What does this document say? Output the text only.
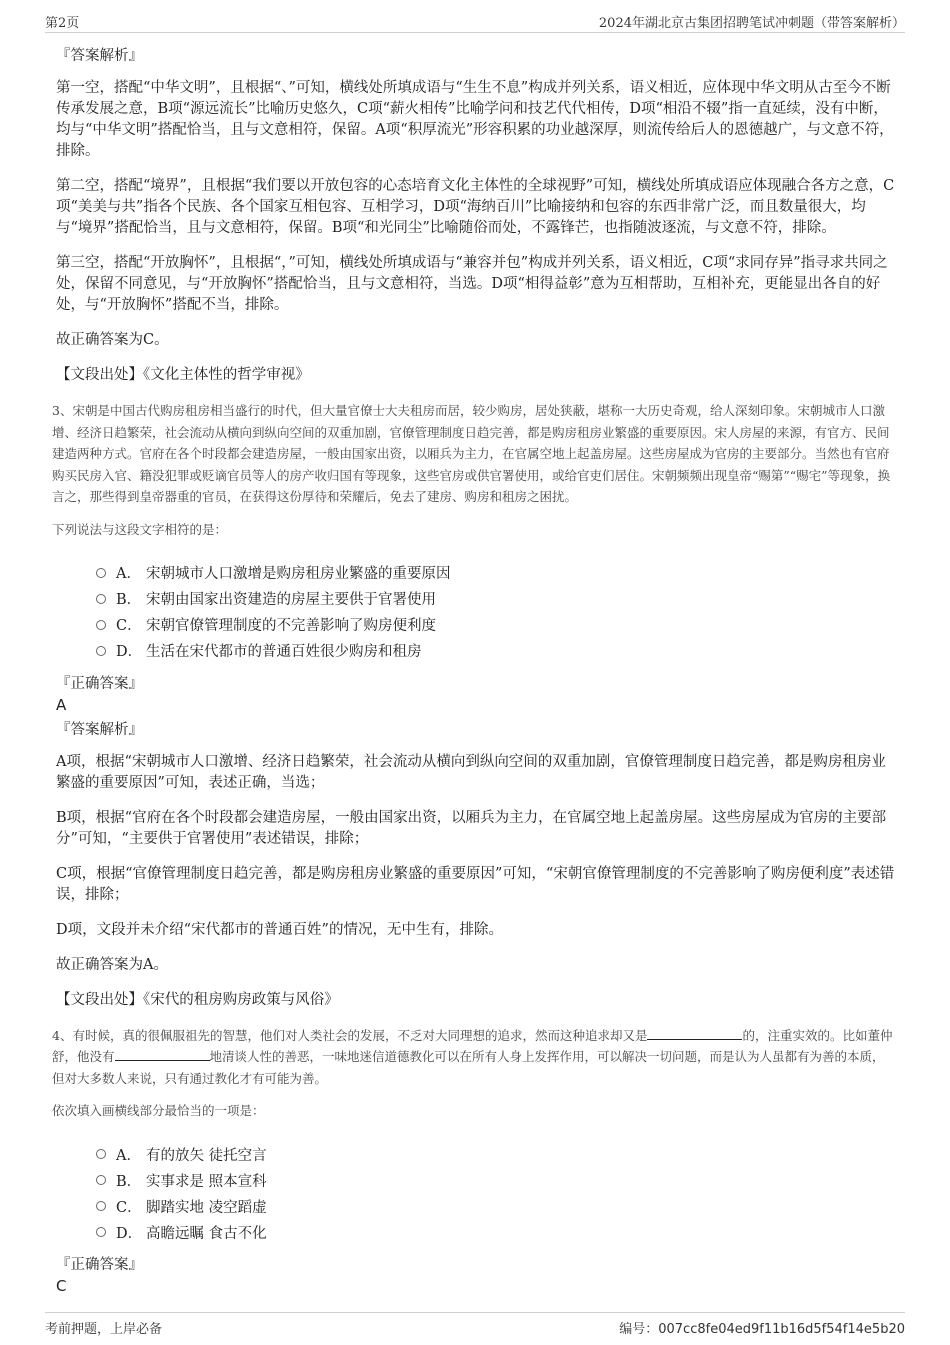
第2页	2024年湖北京古集团招聘笔试冲刺题（带答案解析）
『答案解析』

第一空，搭配“中华文明”，且根据“、”可知，横线处所填成语与“生生不息”构成并列关系，语义相近，应体现中华文明从古至今不断传承发展之意，B项“源远流长”比喻历史悠久，C项“薪火相传”比喻学问和技艺代代相传，D项“相沿不辍”指一直延续，没有中断，均与“中华文明”搭配恰当，且与文意相符，保留。A项“积厚流光”形容积累的功业越深厚，则流传给后人的恩德越广，与文意不符，排除。

第二空，搭配“境界”，且根据“我们要以开放包容的心态培育文化主体性的全球视野”可知，横线处所填成语应体现融合各方之意，C项“美美与共”指各个民族、各个国家互相包容、互相学习，D项“海纳百川”比喻接纳和包容的东西非常广泛，而且数量很大，均与“境界”搭配恰当，且与文意相符，保留。B项“和光同尘”比喻随俗而处，不露锋芒，也指随波逐流，与文意不符，排除。

第三空，搭配“开放胸怀”，且根据“，”可知，横线处所填成语与“兼容并包”构成并列关系，语义相近，C项“求同存异”指寻求共同之处，保留不同意见，与“开放胸怀”搭配恰当，且与文意相符，当选。D项“相得益彰”意为互相帮助，互相补充，更能显出各自的好处，与“开放胸怀”搭配不当，排除。

故正确答案为C。

【文段出处】《文化主体性的哲学审视》

3、宋朝是中国古代购房租房相当盛行的时代，但大量官僚士大夫租房而居，较少购房，居处狭蔽，堪称一大历史奇观，给人深刻印象。宋朝城市人口激增、经济日趋繁荣，社会流动从横向到纵向空间的双重加剧，官僚管理制度日趋完善，都是购房租房业繁盛的重要原因。宋人房屋的来源，有官方、民间建造两种方式。官府在各个时段都会建造房屋，一般由国家出资，以厢兵为主力，在官属空地上起盖房屋。这些房屋成为官房的主要部分。当然也有官府购买民房入官、籍没犯罪或贬谪官员等人的房产收归国有等现象，这些官房或供官署使用，或给官吏们居住。宋朝频频出现皇帝“赐第”“赐宅”等现象，换言之，那些得到皇帝器重的官员，在获得这份厚待和荣耀后，免去了建房、购房和租房之困扰。

下列说法与这段文字相符的是：
A． 宋朝城市人口激增是购房租房业繁盛的重要原因
B． 宋朝由国家出资建造的房屋主要供于官署使用
C． 宋朝官僚管理制度的不完善影响了购房便利度
D． 生活在宋代都市的普通百姓很少购房和租房
『正确答案』
A
『答案解析』

A项，根据“宋朝城市人口激增、经济日趋繁荣，社会流动从横向到纵向空间的双重加剧，官僚管理制度日趋完善，都是购房租房业繁盛的重要原因”可知，表述正确，当选；

B项，根据“官府在各个时段都会建造房屋，一般由国家出资，以厢兵为主力，在官属空地上起盖房屋。这些房屋成为官房的主要部分”可知，“主要供于官署使用”表述错误，排除；

C项，根据“官僚管理制度日趋完善，都是购房租房业繁盛的重要原因”可知，“宋朝官僚管理制度的不完善影响了购房便利度”表述错误，排除；

D项，文段并未介绍“宋代都市的普通百姓”的情况，无中生有，排除。

故正确答案为A。

【文段出处】《宋代的租房购房政策与风俗》

4、有时候，真的很佩服祖先的智慧，他们对人类社会的发展，不乏对大同理想的追求，然而这种追求却又是	的，注重实效的。比如董仲舒，他没有	地清谈人性的善恶，一味地迷信道德教化可以在所有人身上发挥作用，可以解决一切问题，而是认为人虽都有为善的本质，但对大多数人来说，只有通过教化才有可能为善。

依次填入画横线部分最恰当的一项是：
A． 有的放矢 徒托空言
B． 实事求是 照本宣科
C． 脚踏实地 凌空蹈虚
D． 高瞻远瞩 食古不化
『正确答案』
C
考前押题，上岸必备	编号：007cc8fe04ed9f11b16d5f54f14e5b20
